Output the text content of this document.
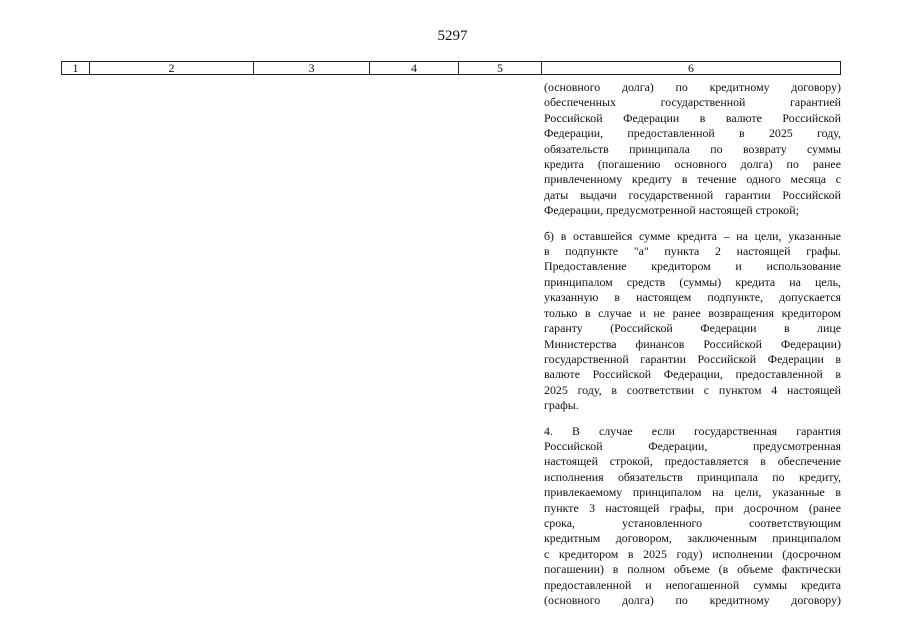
5297
1	2	3	4	5	6
(основного долга) по кредитному договору)
обеспеченных государственной гарантией
Российской Федерации в валюте Российской
Федерации, предоставленной в 2025 году,
обязательств принципала по возврату суммы
кредита (погашению основного долга) по ранее
привлеченному кредиту в течение одного месяца с
даты выдачи государственной гарантии Российской
Федерации, предусмотренной настоящей строкой;
б) в оставшейся сумме кредита – на цели, указанные
в подпункте "а" пункта 2 настоящей графы.
Предоставление кредитором и использование
принципалом средств (суммы) кредита на цель,
указанную в настоящем подпункте, допускается
только в случае и не ранее возвращения кредитором
гаранту (Российской Федерации в лице
Министерства финансов Российской Федерации)
государственной гарантии Российской Федерации в
валюте Российской Федерации, предоставленной в
2025 году, в соответствии с пунктом 4 настоящей
графы.
4. В случае если государственная гарантия
Российской Федерации, предусмотренная
настоящей строкой, предоставляется в обеспечение
исполнения обязательств принципала по кредиту,
привлекаемому принципалом на цели, указанные в
пункте 3 настоящей графы, при досрочном (ранее
срока, установленного соответствующим
кредитным договором, заключенным принципалом
с кредитором в 2025 году) исполнении (досрочном
погашении) в полном объеме (в объеме фактически
предоставленной и непогашенной суммы кредита
(основного долга) по кредитному договору)
